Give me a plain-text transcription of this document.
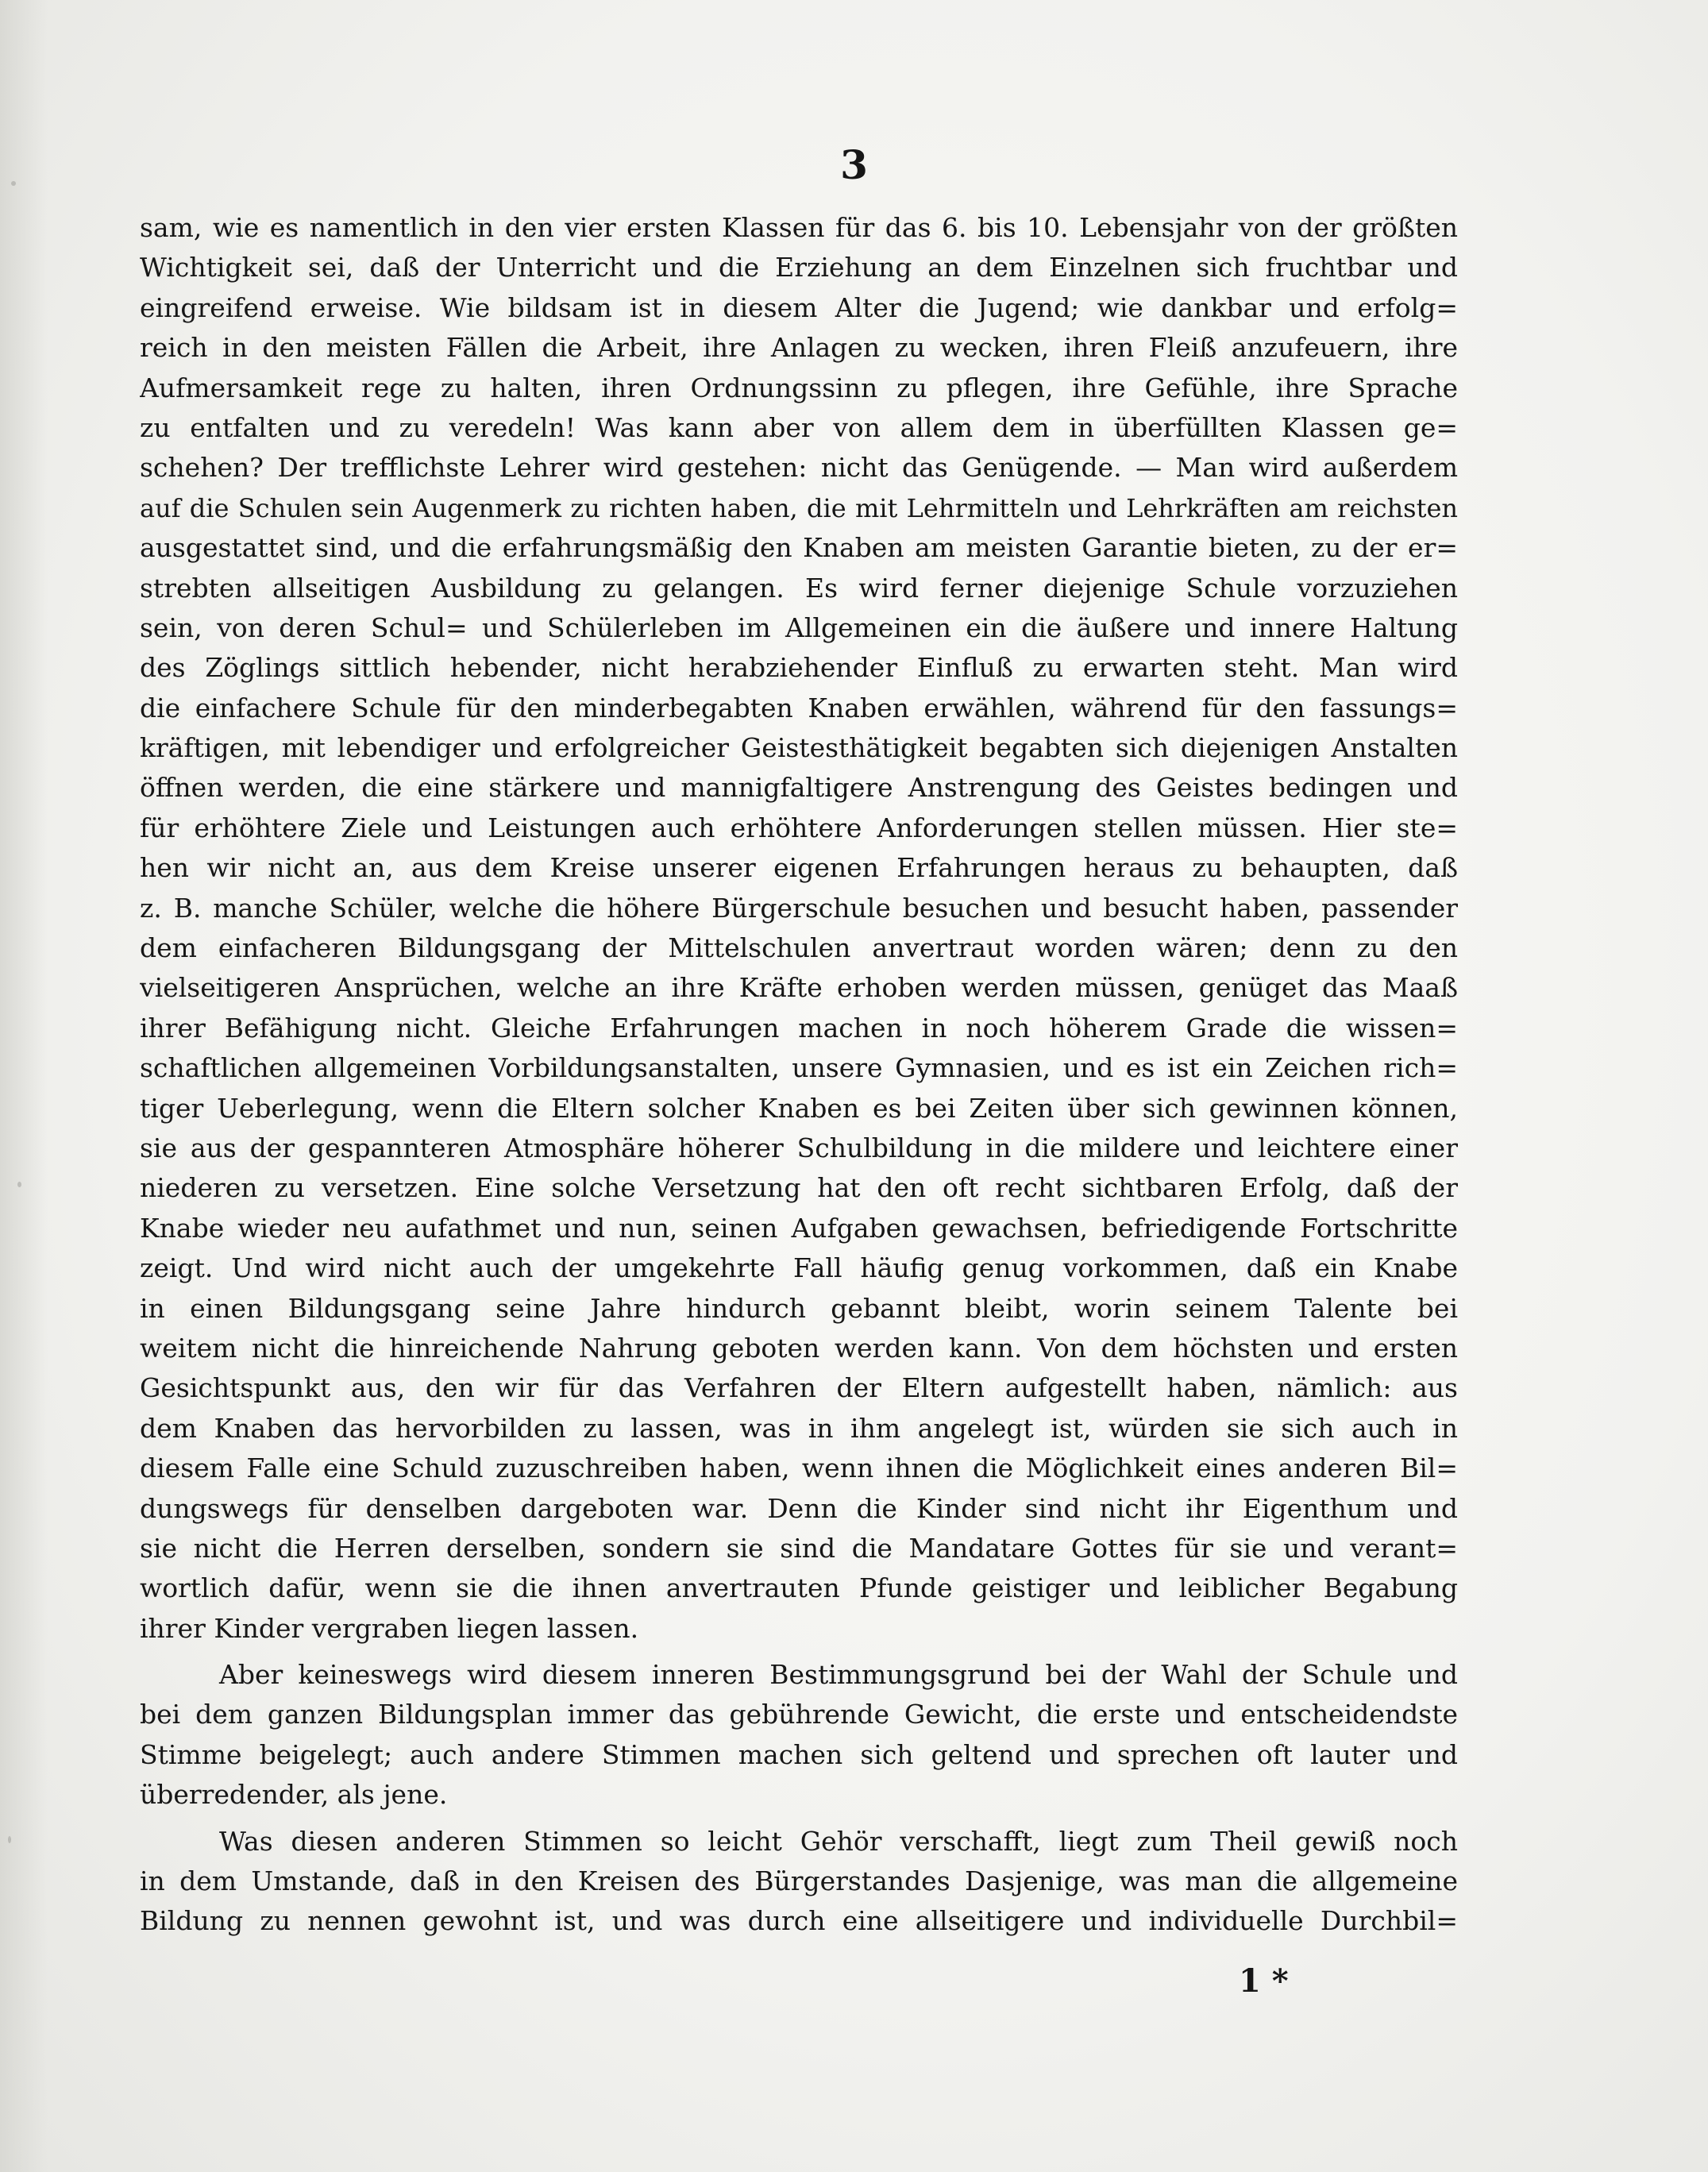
3
sam, wie es namentlich in den vier ersten Klassen für das 6. bis 10. Lebensjahr von der größten
Wichtigkeit sei, daß der Unterricht und die Erziehung an dem Einzelnen sich fruchtbar und
eingreifend erweise. Wie bildsam ist in diesem Alter die Jugend; wie dankbar und erfolg=
reich in den meisten Fällen die Arbeit, ihre Anlagen zu wecken, ihren Fleiß anzufeuern, ihre
Aufmersamkeit rege zu halten, ihren Ordnungssinn zu pflegen, ihre Gefühle, ihre Sprache
zu entfalten und zu veredeln! Was kann aber von allem dem in überfüllten Klassen ge=
schehen? Der trefflichste Lehrer wird gestehen: nicht das Genügende. — Man wird außerdem
auf die Schulen sein Augenmerk zu richten haben, die mit Lehrmitteln und Lehrkräften am reichsten
ausgestattet sind, und die erfahrungsmäßig den Knaben am meisten Garantie bieten, zu der er=
strebten allseitigen Ausbildung zu gelangen. Es wird ferner diejenige Schule vorzuziehen
sein, von deren Schul= und Schülerleben im Allgemeinen ein die äußere und innere Haltung
des Zöglings sittlich hebender, nicht herabziehender Einfluß zu erwarten steht. Man wird
die einfachere Schule für den minderbegabten Knaben erwählen, während für den fassungs=
kräftigen, mit lebendiger und erfolgreicher Geistesthätigkeit begabten sich diejenigen Anstalten
öffnen werden, die eine stärkere und mannigfaltigere Anstrengung des Geistes bedingen und
für erhöhtere Ziele und Leistungen auch erhöhtere Anforderungen stellen müssen. Hier ste=
hen wir nicht an, aus dem Kreise unserer eigenen Erfahrungen heraus zu behaupten, daß
z. B. manche Schüler, welche die höhere Bürgerschule besuchen und besucht haben, passender
dem einfacheren Bildungsgang der Mittelschulen anvertraut worden wären; denn zu den
vielseitigeren Ansprüchen, welche an ihre Kräfte erhoben werden müssen, genüget das Maaß
ihrer Befähigung nicht. Gleiche Erfahrungen machen in noch höherem Grade die wissen=
schaftlichen allgemeinen Vorbildungsanstalten, unsere Gymnasien, und es ist ein Zeichen rich=
tiger Ueberlegung, wenn die Eltern solcher Knaben es bei Zeiten über sich gewinnen können,
sie aus der gespannteren Atmosphäre höherer Schulbildung in die mildere und leichtere einer
niederen zu versetzen. Eine solche Versetzung hat den oft recht sichtbaren Erfolg, daß der
Knabe wieder neu aufathmet und nun, seinen Aufgaben gewachsen, befriedigende Fortschritte
zeigt. Und wird nicht auch der umgekehrte Fall häufig genug vorkommen, daß ein Knabe
in einen Bildungsgang seine Jahre hindurch gebannt bleibt, worin seinem Talente bei
weitem nicht die hinreichende Nahrung geboten werden kann. Von dem höchsten und ersten
Gesichtspunkt aus, den wir für das Verfahren der Eltern aufgestellt haben, nämlich: aus
dem Knaben das hervorbilden zu lassen, was in ihm angelegt ist, würden sie sich auch in
diesem Falle eine Schuld zuzuschreiben haben, wenn ihnen die Möglichkeit eines anderen Bil=
dungswegs für denselben dargeboten war. Denn die Kinder sind nicht ihr Eigenthum und
sie nicht die Herren derselben, sondern sie sind die Mandatare Gottes für sie und verant=
wortlich dafür, wenn sie die ihnen anvertrauten Pfunde geistiger und leiblicher Begabung
ihrer Kinder vergraben liegen lassen.
Aber keineswegs wird diesem inneren Bestimmungsgrund bei der Wahl der Schule und
bei dem ganzen Bildungsplan immer das gebührende Gewicht, die erste und entscheidendste
Stimme beigelegt; auch andere Stimmen machen sich geltend und sprechen oft lauter und
überredender, als jene.
Was diesen anderen Stimmen so leicht Gehör verschafft, liegt zum Theil gewiß noch
in dem Umstande, daß in den Kreisen des Bürgerstandes Dasjenige, was man die allgemeine
Bildung zu nennen gewohnt ist, und was durch eine allseitigere und individuelle Durchbil=
1 *
